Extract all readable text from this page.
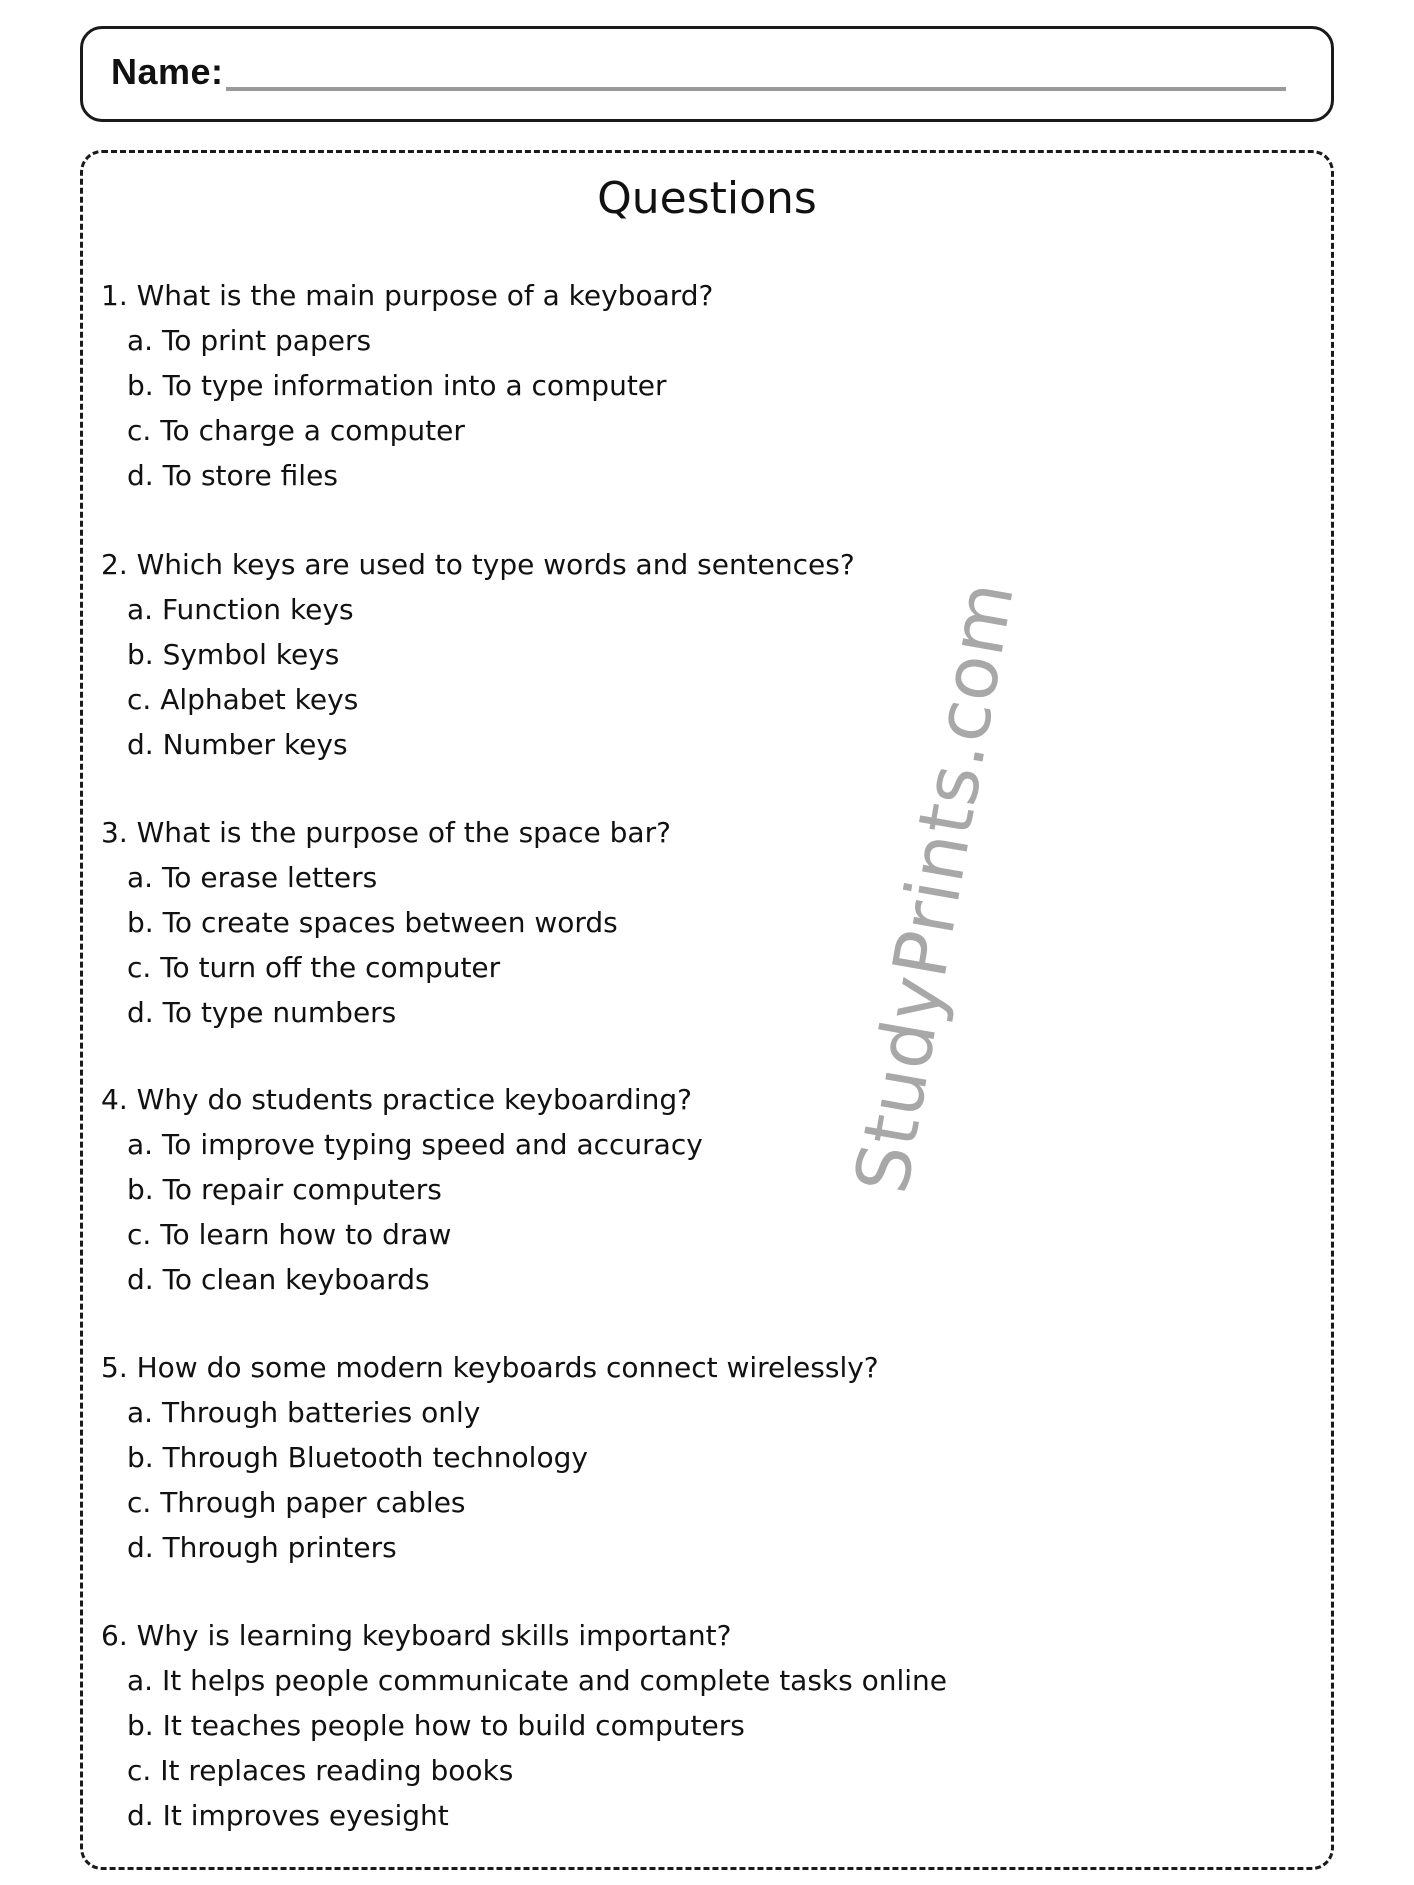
Name:
Questions
1. What is the main purpose of a keyboard?
a. To print papers
b. To type information into a computer
c. To charge a computer
d. To store files
2. Which keys are used to type words and sentences?
a. Function keys
b. Symbol keys
c. Alphabet keys
d. Number keys
3. What is the purpose of the space bar?
a. To erase letters
b. To create spaces between words
c. To turn off the computer
d. To type numbers
4. Why do students practice keyboarding?
a. To improve typing speed and accuracy
b. To repair computers
c. To learn how to draw
d. To clean keyboards
5. How do some modern keyboards connect wirelessly?
a. Through batteries only
b. Through Bluetooth technology
c. Through paper cables
d. Through printers
6. Why is learning keyboard skills important?
a. It helps people communicate and complete tasks online
b. It teaches people how to build computers
c. It replaces reading books
d. It improves eyesight
StudyPrints.com
